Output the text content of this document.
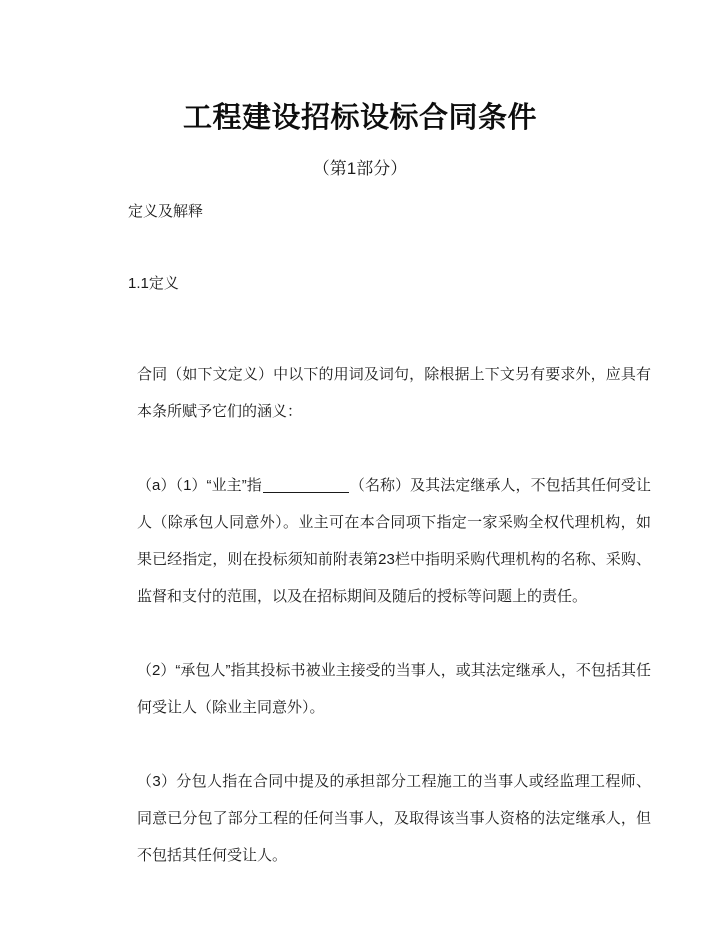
工程建设招标设标合同条件
（第1部分）
定义及解释
1.1定义

合同（如下文定义）中以下的用词及词句，除根据上下文另有要求外，应具有本条所赋予它们的涵义：

（a）（1）“业主”指	（名称）及其法定继承人，不包括其任何受让人（除承包人同意外）。业主可在本合同项下指定一家采购全权代理机构，如果已经指定，则在投标须知前附表第23栏中指明采购代理机构的名称、采购、监督和支付的范围，以及在招标期间及随后的授标等问题上的责任。

（2）“承包人”指其投标书被业主接受的当事人，或其法定继承人，不包括其任何受让人（除业主同意外）。

（3）分包人指在合同中提及的承担部分工程施工的当事人或经监理工程师、同意已分包了部分工程的任何当事人，及取得该当事人资格的法定继承人，但不包括其任何受让人。
